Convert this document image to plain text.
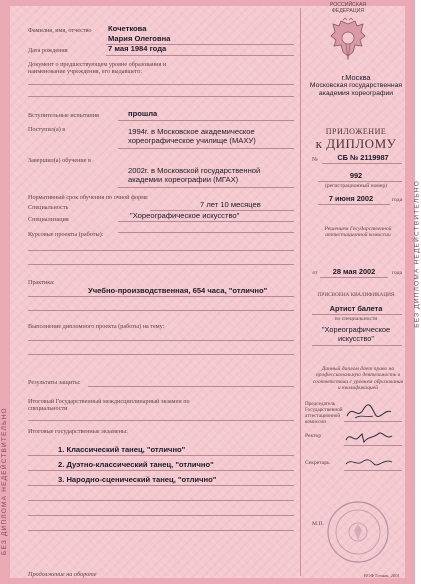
БЕЗ ДИПЛОМА НЕДЕЙСТВИТЕЛЬНО
БЕЗ ДИПЛОМА НЕДЕЙСТВИТЕЛЬНО
Фамилия, имя, отчество Кочеткова
Мария Олеговна
Дата рождения	7 мая 1984 года
Документ о предшествующем уровне образования и наименование учреждения, его выдавшего:
Вступительные испытания	прошла
Поступил(а) в	1994г. в Московское академическое хореографическое училище (МАХУ)
Завершил(а) обучение в
2002г. в Московской государственной академии хореографии (МГАХ)
Нормативный срок обучения по очной форме
7 лет 10 месяцев
Специальность
"Хореографическое искусство"
Специализация
Курсовые проекты (работы):
Практика:
Учебно-производственная, 654 часа, "отлично"
Выполнение дипломного проекта (работы) на тему:
Результаты защиты:
Итоговый Государственный междисциплинарный экзамен по специальности
Итоговые государственные экзамены:
1. Классический танец, "отлично"
2. Дуэтно-классический танец, "отлично"
3. Народно-сценический танец, "отлично"
Продолжение на обороте
РОССИЙСКАЯ ФЕДЕРАЦИЯ
г.Москва
Московская государственная академия хореографии
ПРИЛОЖЕНИЕ
к ДИПЛОМУ
№	СБ № 2119987
992
(регистрационный номер)
7 июня 2002	года
Решением Государственной аттестационной комиссии
от	28 мая 2002	года
ПРИСВОЕНА КВАЛИФИКАЦИЯ
Артист балета
по специальности
"Хореографическое искусство"
Данный диплом дает право на профессиональную деятельность в соответствии с уровнем образования и квалификацией
Председатель Государственной аттестационной комиссии
Ректор
Секретарь
М.П.
ВОФ Гознак, 2001
